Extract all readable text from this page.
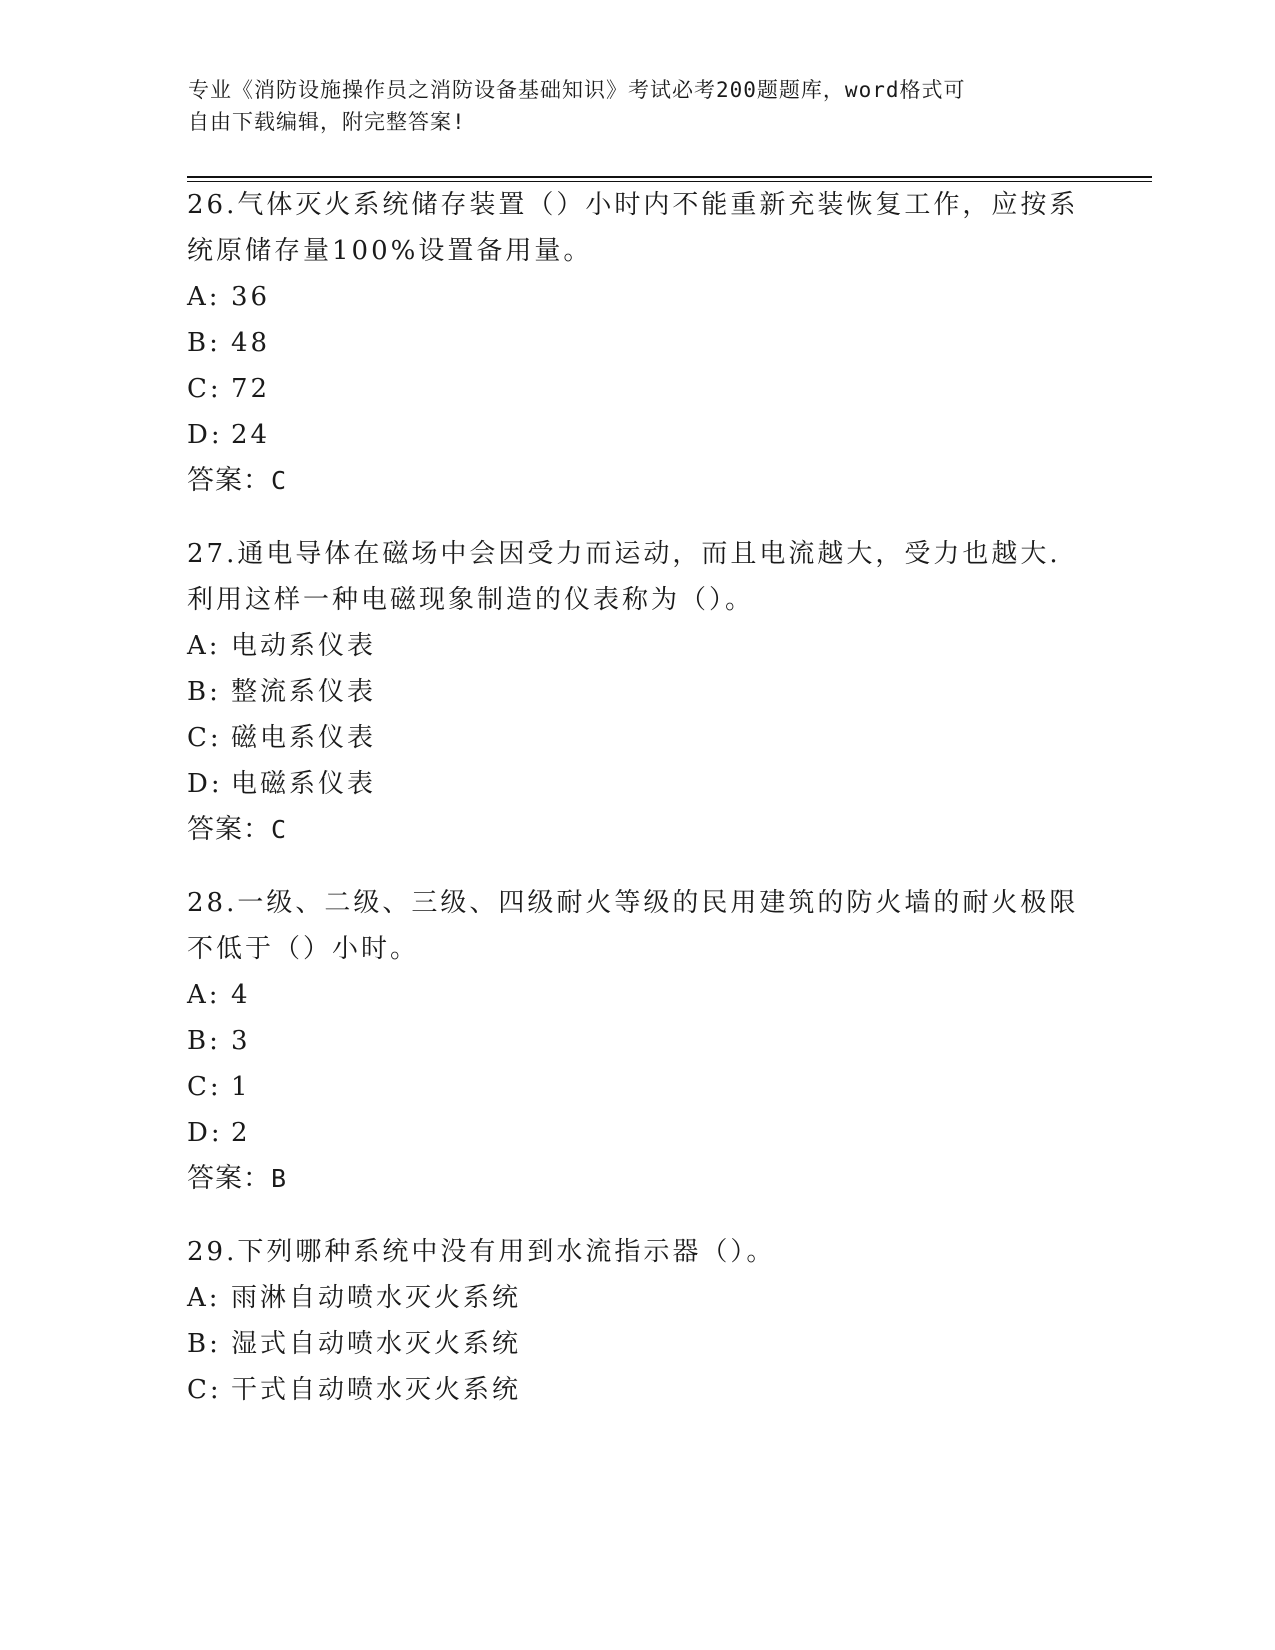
专业《消防设施操作员之消防设备基础知识》考试必考200题题库，word格式可
自由下载编辑，附完整答案!
26.气体灭火系统储存装置（）小时内不能重新充装恢复工作，应按系
统原储存量100%设置备用量。
A: 36
B: 48
C: 72
D: 24
答案：C
27.通电导体在磁场中会因受力而运动，而且电流越大，受力也越大.
利用这样一种电磁现象制造的仪表称为（）。
A: 电动系仪表
B: 整流系仪表
C: 磁电系仪表
D: 电磁系仪表
答案：C
28.一级、二级、三级、四级耐火等级的民用建筑的防火墙的耐火极限
不低于（）小时。
A: 4
B: 3
C: 1
D: 2
答案：B
29.下列哪种系统中没有用到水流指示器（）。
A: 雨淋自动喷水灭火系统
B: 湿式自动喷水灭火系统
C: 干式自动喷水灭火系统
